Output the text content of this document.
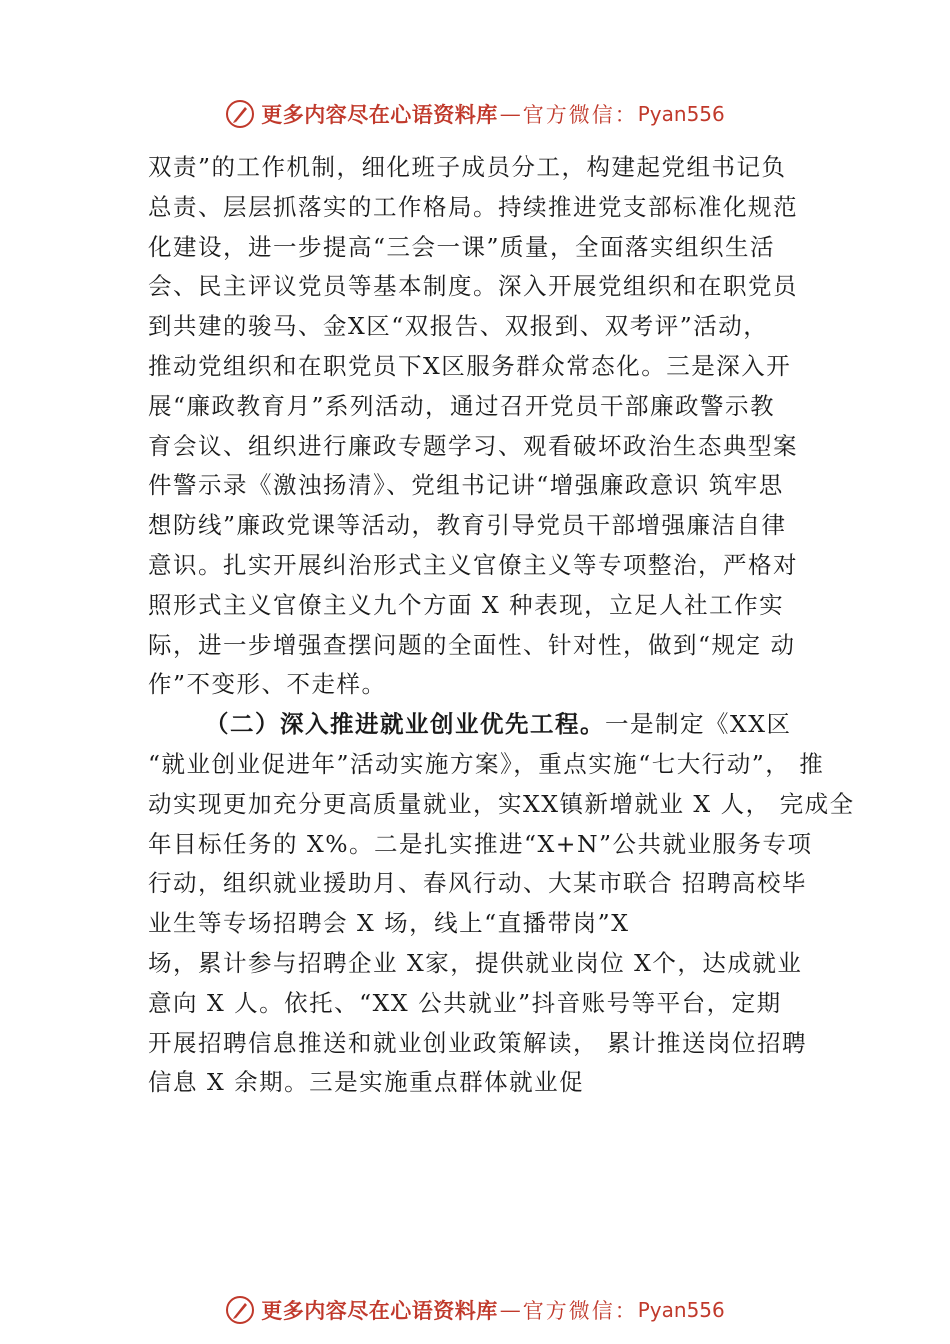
更多内容尽在心语资料库 — 官方微信： Pyan556
双责”的工作机制，细化班子成员分工，构建起党组书记负
总责、层层抓落实的工作格局。持续推进党支部标准化规范
化建设，进一步提高“三会一课”质量，全面落实组织生活
会、民主评议党员等基本制度。深入开展党组织和在职党员
到共建的骏马、金X区“双报告、双报到、双考评”活动，
推动党组织和在职党员下X区服务群众常态化。三是深入开
展“廉政教育月”系列活动，通过召开党员干部廉政警示教
育会议、组织进行廉政专题学习、观看破坏政治生态典型案
件警示录《激浊扬清》、党组书记讲“增强廉政意识 筑牢思
想防线”廉政党课等活动，教育引导党员干部增强廉洁自律
意识。扎实开展纠治形式主义官僚主义等专项整治，严格对
照形式主义官僚主义九个方面 X 种表现，立足人社工作实
际，进一步增强查摆问题的全面性、针对性，做到“规定 动
作”不变形、不走样。
（二）深入推进就业创业优先工程。一是制定《XX区
“就业创业促进年”活动实施方案》，重点实施“七大行动”， 推
动实现更加充分更高质量就业，实XX镇新增就业 X 人， 完成全
年目标任务的 X%。二是扎实推进“X+N”公共就业服务专项
行动，组织就业援助月、春风行动、大某市联合 招聘高校毕
业生等专场招聘会 X 场，线上“直播带岗”X
场，累计参与招聘企业 X家，提供就业岗位 X个，达成就业
意向 X 人。依托、“XX 公共就业”抖音账号等平台，定期
开展招聘信息推送和就业创业政策解读， 累计推送岗位招聘
信息 X 余期。三是实施重点群体就业促
更多内容尽在心语资料库 — 官方微信： Pyan556
